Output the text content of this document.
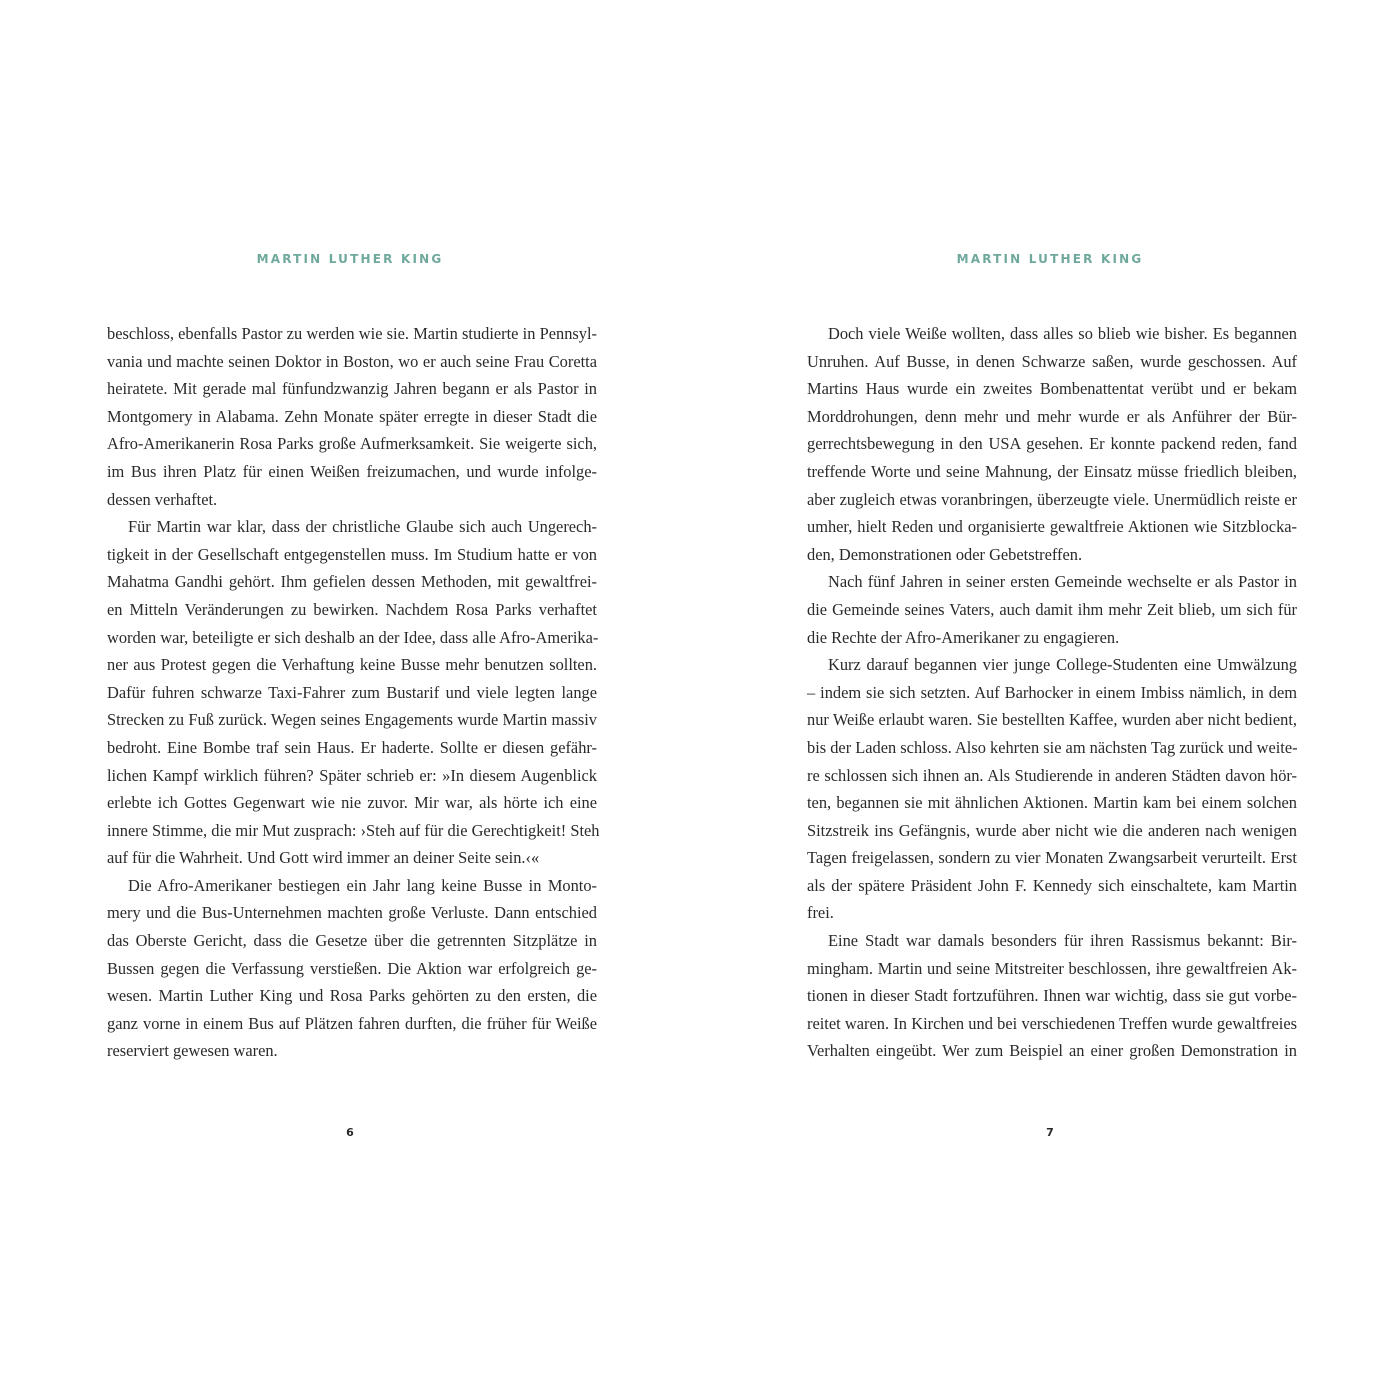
MARTIN LUTHER KING
beschloss, ebenfalls Pastor zu werden wie sie. Martin studierte in Pennsyl-
vania und machte seinen Doktor in Boston, wo er auch seine Frau Coretta
heiratete. Mit gerade mal fünfundzwanzig Jahren begann er als Pastor in
Montgomery in Alabama. Zehn Monate später erregte in dieser Stadt die
Afro-Amerikanerin Rosa Parks große Aufmerksamkeit. Sie weigerte sich,
im Bus ihren Platz für einen Weißen freizumachen, und wurde infolge-
dessen verhaftet.
Für Martin war klar, dass der christliche Glaube sich auch Ungerech-
tigkeit in der Gesellschaft entgegenstellen muss. Im Studium hatte er von
Mahatma Gandhi gehört. Ihm gefielen dessen Methoden, mit gewaltfrei-
en Mitteln Veränderungen zu bewirken. Nachdem Rosa Parks verhaftet
worden war, beteiligte er sich deshalb an der Idee, dass alle Afro-Amerika-
ner aus Protest gegen die Verhaftung keine Busse mehr benutzen sollten.
Dafür fuhren schwarze Taxi-Fahrer zum Bustarif und viele legten lange
Strecken zu Fuß zurück. Wegen seines Engagements wurde Martin massiv
bedroht. Eine Bombe traf sein Haus. Er haderte. Sollte er diesen gefähr-
lichen Kampf wirklich führen? Später schrieb er: »In diesem Augenblick
erlebte ich Gottes Gegenwart wie nie zuvor. Mir war, als hörte ich eine
innere Stimme, die mir Mut zusprach: ›Steh auf für die Gerechtigkeit! Steh
auf für die Wahrheit. Und Gott wird immer an deiner Seite sein.‹«
Die Afro-Amerikaner bestiegen ein Jahr lang keine Busse in Monto-
mery und die Bus-Unternehmen machten große Verluste. Dann entschied
das Oberste Gericht, dass die Gesetze über die getrennten Sitzplätze in
Bussen gegen die Verfassung verstießen. Die Aktion war erfolgreich ge-
wesen. Martin Luther King und Rosa Parks gehörten zu den ersten, die
ganz vorne in einem Bus auf Plätzen fahren durften, die früher für Weiße
reserviert gewesen waren.
6
MARTIN LUTHER KING
Doch viele Weiße wollten, dass alles so blieb wie bisher. Es begannen
Unruhen. Auf Busse, in denen Schwarze saßen, wurde geschossen. Auf
Martins Haus wurde ein zweites Bombenattentat verübt und er bekam
Morddrohungen, denn mehr und mehr wurde er als Anführer der Bür-
gerrechtsbewegung in den USA gesehen. Er konnte packend reden, fand
treffende Worte und seine Mahnung, der Einsatz müsse friedlich bleiben,
aber zugleich etwas voranbringen, überzeugte viele. Unermüdlich reiste er
umher, hielt Reden und organisierte gewaltfreie Aktionen wie Sitzblocka-
den, Demonstrationen oder Gebetstreffen.
Nach fünf Jahren in seiner ersten Gemeinde wechselte er als Pastor in
die Gemeinde seines Vaters, auch damit ihm mehr Zeit blieb, um sich für
die Rechte der Afro-Amerikaner zu engagieren.
Kurz darauf begannen vier junge College-Studenten eine Umwälzung
– indem sie sich setzten. Auf Barhocker in einem Imbiss nämlich, in dem
nur Weiße erlaubt waren. Sie bestellten Kaffee, wurden aber nicht bedient,
bis der Laden schloss. Also kehrten sie am nächsten Tag zurück und weite-
re schlossen sich ihnen an. Als Studierende in anderen Städten davon hör-
ten, begannen sie mit ähnlichen Aktionen. Martin kam bei einem solchen
Sitzstreik ins Gefängnis, wurde aber nicht wie die anderen nach wenigen
Tagen freigelassen, sondern zu vier Monaten Zwangsarbeit verurteilt. Erst
als der spätere Präsident John F. Kennedy sich einschaltete, kam Martin
frei.
Eine Stadt war damals besonders für ihren Rassismus bekannt: Bir-
mingham. Martin und seine Mitstreiter beschlossen, ihre gewaltfreien Ak-
tionen in dieser Stadt fortzuführen. Ihnen war wichtig, dass sie gut vorbe-
reitet waren. In Kirchen und bei verschiedenen Treffen wurde gewaltfreies
Verhalten eingeübt. Wer zum Beispiel an einer großen Demonstration in
7
